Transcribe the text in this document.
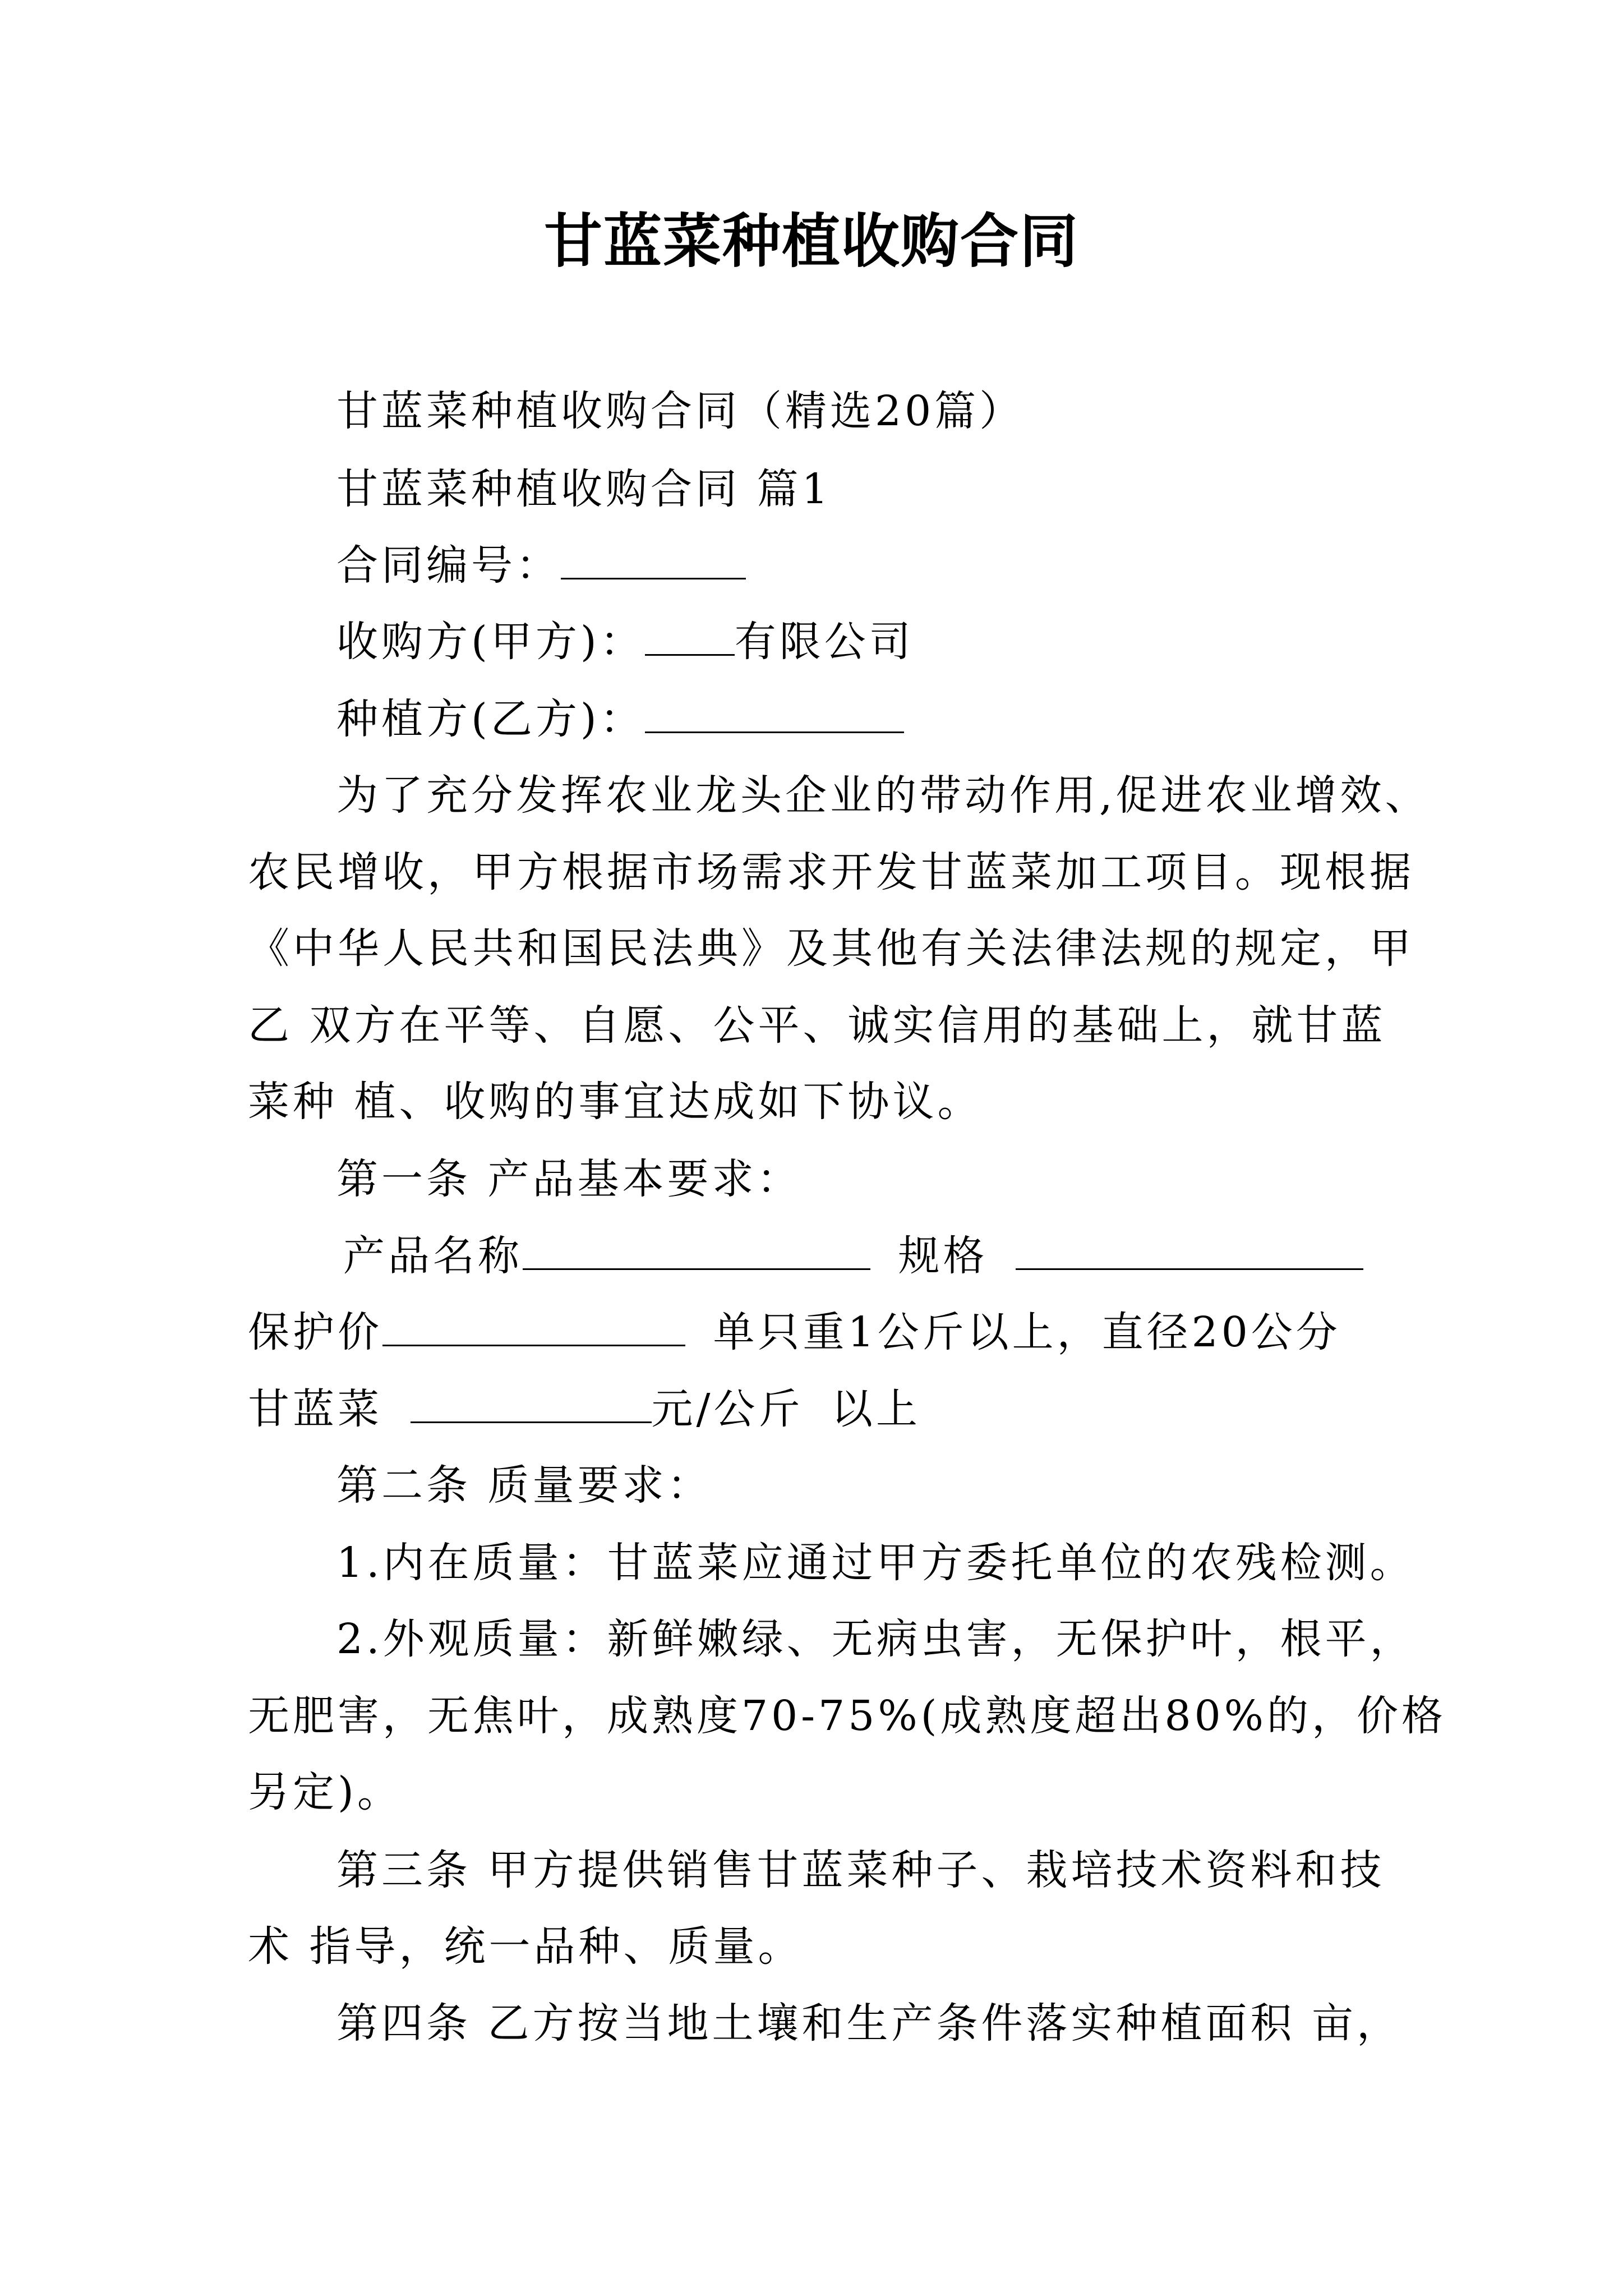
甘蓝菜种植收购合同
甘蓝菜种植收购合同（精选20篇）
甘蓝菜种植收购合同 篇1
合同编号：
收购方(甲方)： 有限公司
种植方(乙方)：
为了充分发挥农业龙头企业的带动作用,促进农业增效、
农民增收，甲方根据市场需求开发甘蓝菜加工项目。现根据
《中华人民共和国民法典》及其他有关法律法规的规定，甲
乙 双方在平等、自愿、公平、诚实信用的基础上，就甘蓝
菜种 植、收购的事宜达成如下协议。
第一条 产品基本要求：
产品名称	规格
保护价	单只重1公斤以上，直径20公分
甘蓝菜	元/公斤 以上
第二条 质量要求：
1.内在质量：甘蓝菜应通过甲方委托单位的农残检测。
2.外观质量：新鲜嫩绿、无病虫害，无保护叶，根平，
无肥害，无焦叶，成熟度70-75%(成熟度超出80%的，价格
另定)。
第三条 甲方提供销售甘蓝菜种子、栽培技术资料和技
术 指导，统一品种、质量。
第四条 乙方按当地土壤和生产条件落实种植面积 亩，
